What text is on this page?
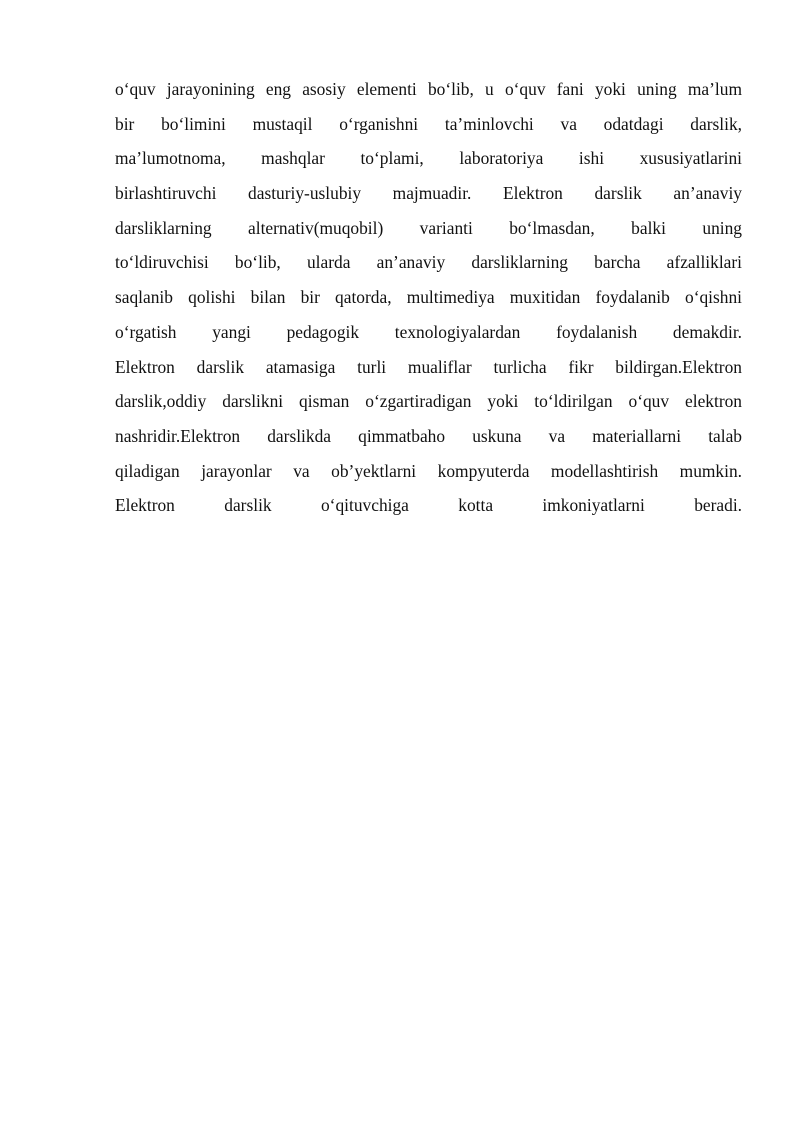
o‘quv jarayonining eng asosiy elementi bo‘lib, u o‘quv fani yoki uning ma’lum
bir bo‘limini mustaqil o‘rganishni ta’minlovchi va odatdagi darslik,
ma’lumotnoma, mashqlar to‘plami, laboratoriya ishi xususiyatlarini
birlashtiruvchi dasturiy-uslubiy majmuadir. Elektron darslik an’anaviy
darsliklarning alternativ(muqobil) varianti bo‘lmasdan, balki uning
to‘ldiruvchisi bo‘lib, ularda an’anaviy darsliklarning barcha afzalliklari
saqlanib qolishi bilan bir qatorda, multimediya muxitidan foydalanib o‘qishni
o‘rgatish yangi pedagogik texnologiyalardan foydalanish demakdir.
Elektron darslik atamasiga turli mualiflar turlicha fikr bildirgan.Elektron
darslik,oddiy darslikni qisman o‘zgartiradigan yoki to‘ldirilgan o‘quv elektron
nashridir.Elektron darslikda qimmatbaho uskuna va materiallarni talab
qiladigan jarayonlar va ob’yektlarni kompyuterda modellashtirish mumkin.
Elektron darslik o‘qituvchiga kotta imkoniyatlarni beradi.
